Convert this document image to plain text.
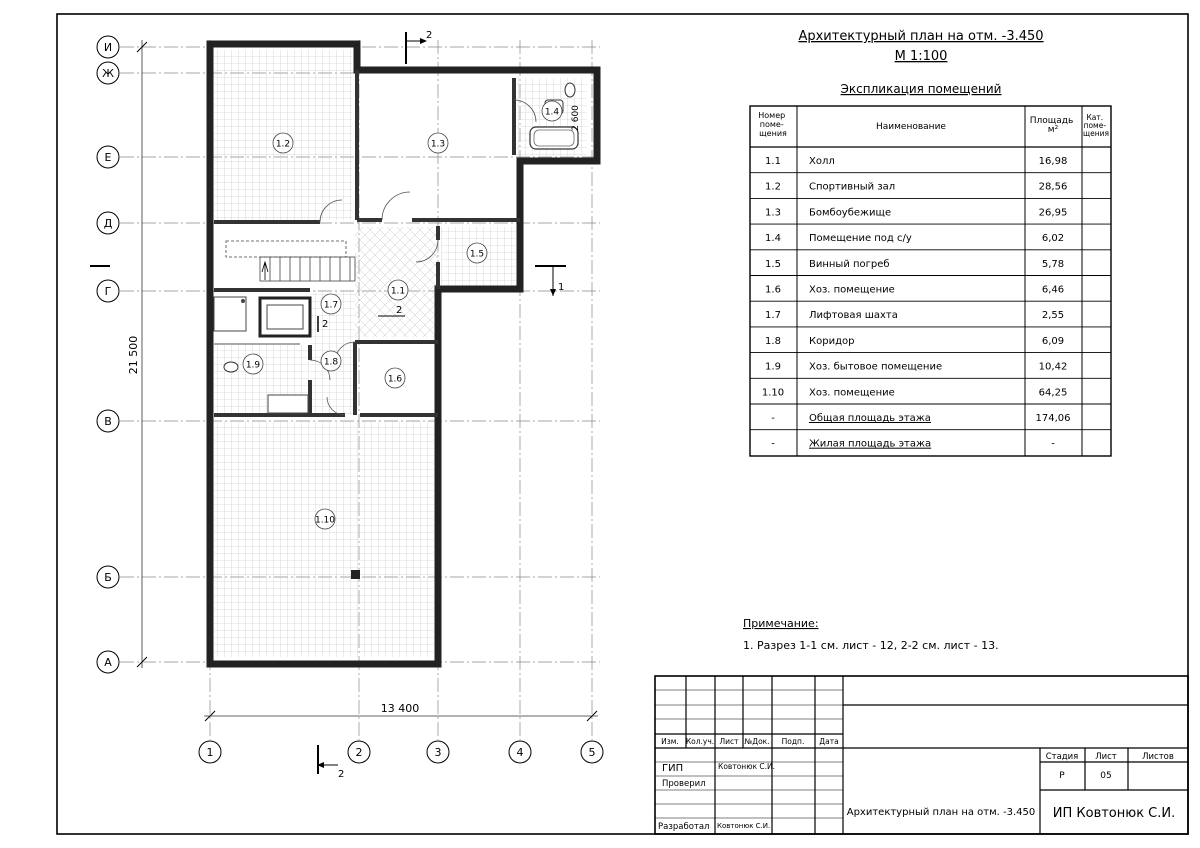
Архитектурный план на отм. -3.450
М 1:100
Экспликация помещений
Номер поме- щения
Наименование
Площадь м²
Кат. поме- щения
1.1	Холл	16,98
1.2	Спортивный зал	28,56
1.3	Бомбоубежище	26,95
1.4	Помещение под с/у	6,02
1.5	Винный погреб	5,78
1.6	Хоз. помещение	6,46
1.7	Лифтовая шахта	2,55
1.8	Коридор	6,09
1.9	Хоз. бытовое помещение	10,42
1.10 Хоз. помещение	64,25
-	Общая площадь этажа	174,06
-	Жилая площадь этажа	-
Примечание:
1. Разрез 1-1 см. лист - 12, 2-2 см. лист - 13.
1.1
1.2	1.3
1.4
1.5
1.6
1.7
1.8
1.9
1.10
И
Ж
Е
Д
Г
В
Б
А
1	2	3	4	5
21 500
13 400
2 600
2
2
1
2
2
Изм. Кол.уч. Лист №Док. Подп. Дата
ГИП	Ковтонюк С.И.
Проверил
Разработал Ковтонюк С.И.
Стадия Лист	Листов
Р	05
Архитектурный план на отм. -3.450 ИП Ковтонюк С.И.
